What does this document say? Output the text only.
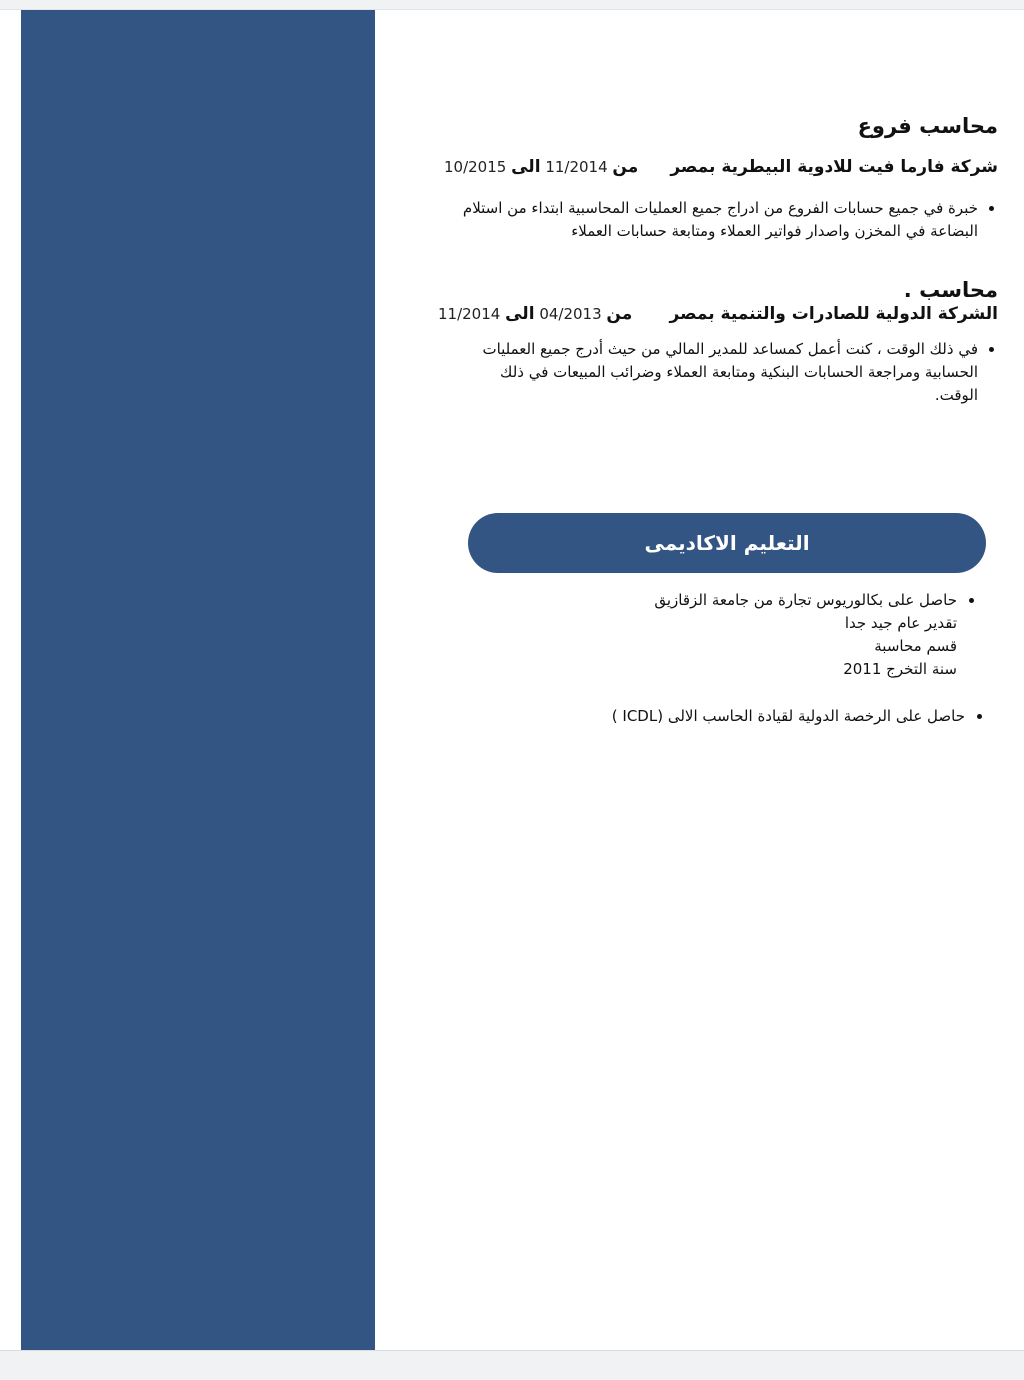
محاسب فروع
شركة فارما فيت للادوية البيطرية بمصر
من 11/2014 الى 10/2015
خبرة في جميع حسابات الفروع من ادراج جميع العمليات المحاسبية ابتداء من استلام
البضاعة في المخزن واصدار فواتير العملاء ومتابعة حسابات العملاء
محاسب .
الشركة الدولية للصادرات والتنمية بمصر
من 04/2013 الى 11/2014
في ذلك الوقت ، كنت أعمل كمساعد للمدير المالي من حيث أدرج جميع العمليات
الحسابية ومراجعة الحسابات البنكية ومتابعة العملاء وضرائب المبيعات في ذلك
الوقت.
التعليم الاكاديمى
حاصل على بكالوريوس تجارة من جامعة الزقازيق
تقدير عام جيد جدا
قسم محاسبة
سنة التخرج 2011
حاصل على الرخصة الدولية لقيادة الحاسب الالى (ICDL )
